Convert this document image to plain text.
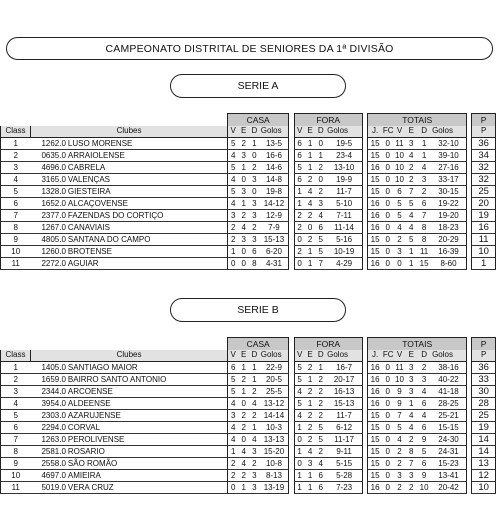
CAMPEONATO DISTRITAL DE SENIORES DA 1ª DIVISÃO
SERIE A
SERIE B
			CASA					FORA					TOTAIS							P
Class	Clubes		V	E	D	Golos		V	E	D	Golos		J.	FC	V	E	D	Golos		P
1	1262.0	LUSO MORENSE	5	2	1	13-5		6	1	0	19-5		15	0	11	3	1	32-10		36
2	0635.0	ARRAIOLENSE	4	3	0	16-6		6	1	1	23-4		15	0	10	4	1	39-10		34
3	4696.0	CABRELA	5	1	2	14-6		5	1	2	13-10		16	0	10	2	4	27-16		32
4	3165.0	VALENÇAS	4	0	3	14-8		6	2	0	19-9		15	0	10	2	3	33-17		32
5	1328.0	GIESTEIRA	5	3	0	19-8		1	4	2	11-7		15	0	6	7	2	30-15		25
6	1652.0	ALCAÇOVENSE	4	1	3	14-12		1	4	3	5-10		16	0	5	5	6	19-22		20
7	2377.0	FAZENDAS DO CORTIÇO	3	2	3	12-9		2	2	4	7-11		16	0	5	4	7	19-20		19
8	1267.0	CANAVIAIS	2	4	2	7-9		2	0	6	11-14		16	0	4	4	8	18-23		16
9	4805.0	SANTANA DO CAMPO	2	3	3	15-13		0	2	5	5-16		15	0	2	5	8	20-29		11
10	1260.0	BROTENSE	1	0	6	6-20		2	1	5	10-19		15	0	3	1	11	16-39		10
11	2272.0	AGUIAR	0	0	8	4-31		0	1	7	4-29		16	0	0	1	15	8-60		1
			CASA					FORA					TOTAIS							P
Class	Clubes		V	E	D	Golos		V	E	D	Golos		J.	FC	V	E	D	Golos		P
1	1405.0	SANTIAGO MAIOR	6	1	1	22-9		5	2	1	16-7		16	0	11	3	2	38-16		36
2	1659.0	BAIRRO SANTO ANTONIO	5	2	1	20-5		5	1	2	20-17		16	0	10	3	3	40-22		33
3	2344.0	ARCOENSE	5	1	2	25-5		4	2	2	16-13		16	0	9	3	4	41-18		30
4	3954.0	ALDEENSE	4	0	4	13-12		5	1	2	15-13		16	0	9	1	6	28-25		28
5	2303.0	AZARUJENSE	3	2	2	14-14		4	2	2	11-7		15	0	7	4	4	25-21		25
6	2294.0	CORVAL	4	2	1	10-3		1	2	5	6-12		15	0	5	4	6	15-15		19
7	1263.0	PEROLIVENSE	4	0	4	13-13		0	2	5	11-17		15	0	4	2	9	24-30		14
8	2581.0	ROSARIO	1	4	3	15-20		1	4	2	9-11		15	0	2	8	5	24-31		14
9	2558.0	SÃO ROMÃO	2	4	2	10-8		0	3	4	5-15		15	0	2	7	6	15-23		13
10	4697.0	AMIEIRA	2	2	3	8-13		1	1	6	5-28		15	0	3	3	9	13-41		12
11	5019.0	VERA CRUZ	0	1	3	13-19		1	1	6	7-23		16	0	2	2	10	20-42		10
